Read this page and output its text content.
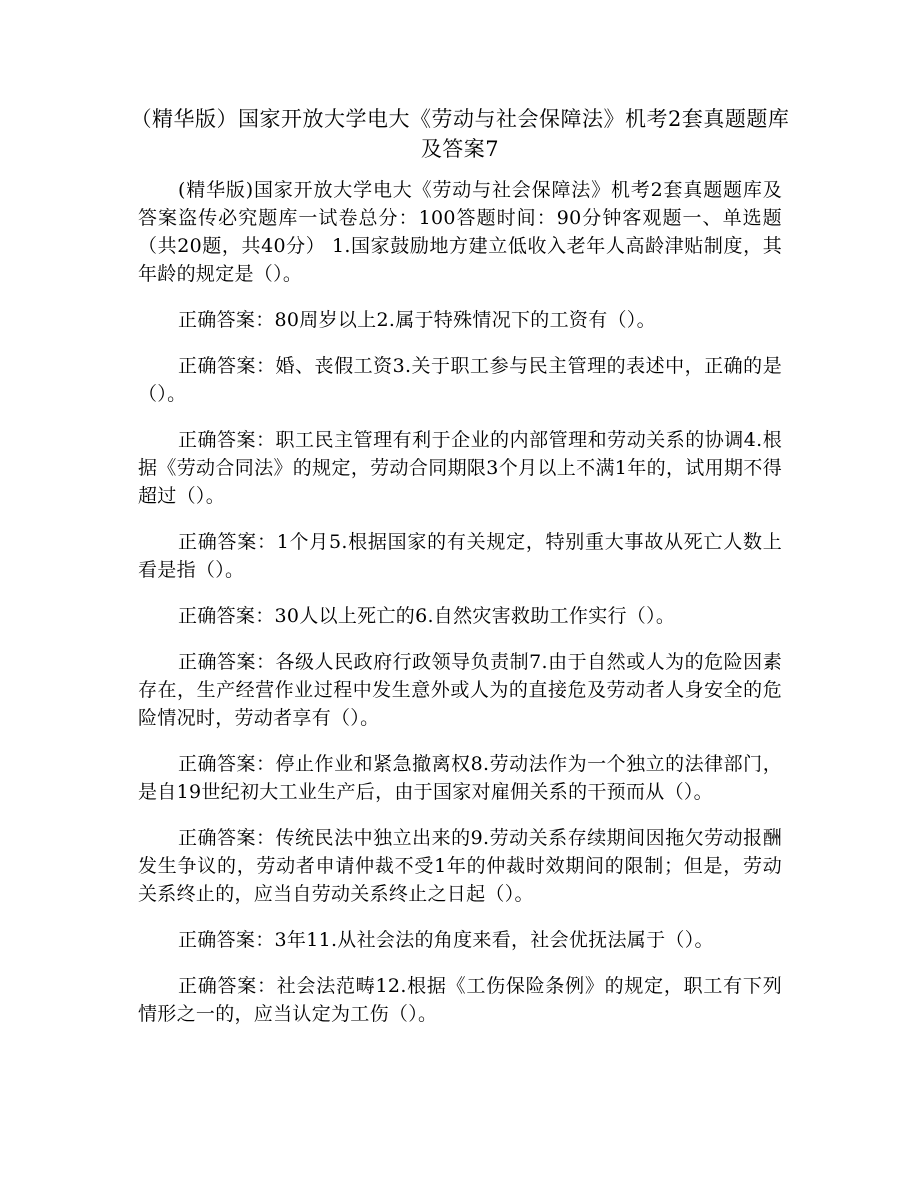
（精华版）国家开放大学电大《劳动与社会保障法》机考2套真题题库及答案7

(精华版)国家开放大学电大《劳动与社会保障法》机考2套真题题库及答案盗传必究题库一试卷总分：100答题时间：90分钟客观题一、单选题（共20题，共40分） 1.国家鼓励地方建立低收入老年人高龄津贴制度，其年龄的规定是（）。

正确答案：80周岁以上2.属于特殊情况下的工资有（）。

正确答案：婚、丧假工资3.关于职工参与民主管理的表述中，正确的是（）。

正确答案：职工民主管理有利于企业的内部管理和劳动关系的协调4.根据《劳动合同法》的规定，劳动合同期限3个月以上不满1年的，试用期不得超过（）。

正确答案：1个月5.根据国家的有关规定，特别重大事故从死亡人数上看是指（）。

正确答案：30人以上死亡的6.自然灾害救助工作实行（）。

正确答案：各级人民政府行政领导负责制7.由于自然或人为的危险因素存在，生产经营作业过程中发生意外或人为的直接危及劳动者人身安全的危险情况时，劳动者享有（）。

正确答案：停止作业和紧急撤离权8.劳动法作为一个独立的法律部门，是自19世纪初大工业生产后，由于国家对雇佣关系的干预而从（）。

正确答案：传统民法中独立出来的9.劳动关系存续期间因拖欠劳动报酬发生争议的，劳动者申请仲裁不受1年的仲裁时效期间的限制；但是，劳动关系终止的，应当自劳动关系终止之日起（）。

正确答案：3年11.从社会法的角度来看，社会优抚法属于（）。

正确答案：社会法范畴12.根据《工伤保险条例》的规定，职工有下列情形之一的，应当认定为工伤（）。
